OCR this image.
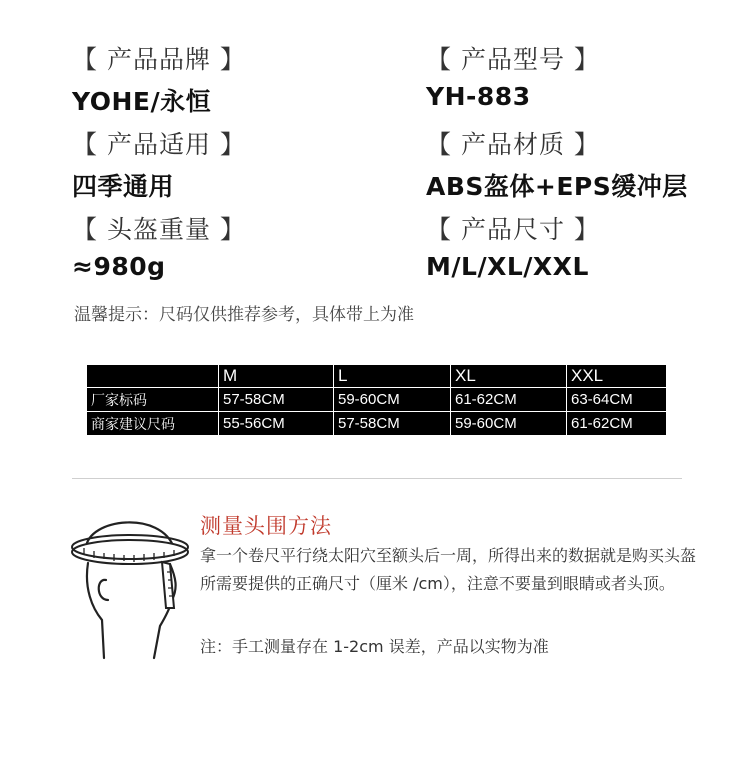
【 产品品牌 】
YOHE/永恒
【 产品型号 】
YH-883
【 产品适用 】
四季通用
【 产品材质 】
ABS盔体+EPS缓冲层
【 头盔重量 】
≈980g
【 产品尺寸 】
M/L/XL/XXL
温馨提示：尺码仅供推荐参考，具体带上为准
	M	L	XL	XXL
厂家标码	57-58CM	59-60CM	61-62CM	63-64CM
商家建议尺码	55-56CM	57-58CM	59-60CM	61-62CM
测量头围方法
拿一个卷尺平行绕太阳穴至额头后一周，所得出来的数据就是购买头盔所需要提供的正确尺寸（厘米 /cm），注意不要量到眼睛或者头顶。
注：手工测量存在 1-2cm 误差，产品以实物为准
